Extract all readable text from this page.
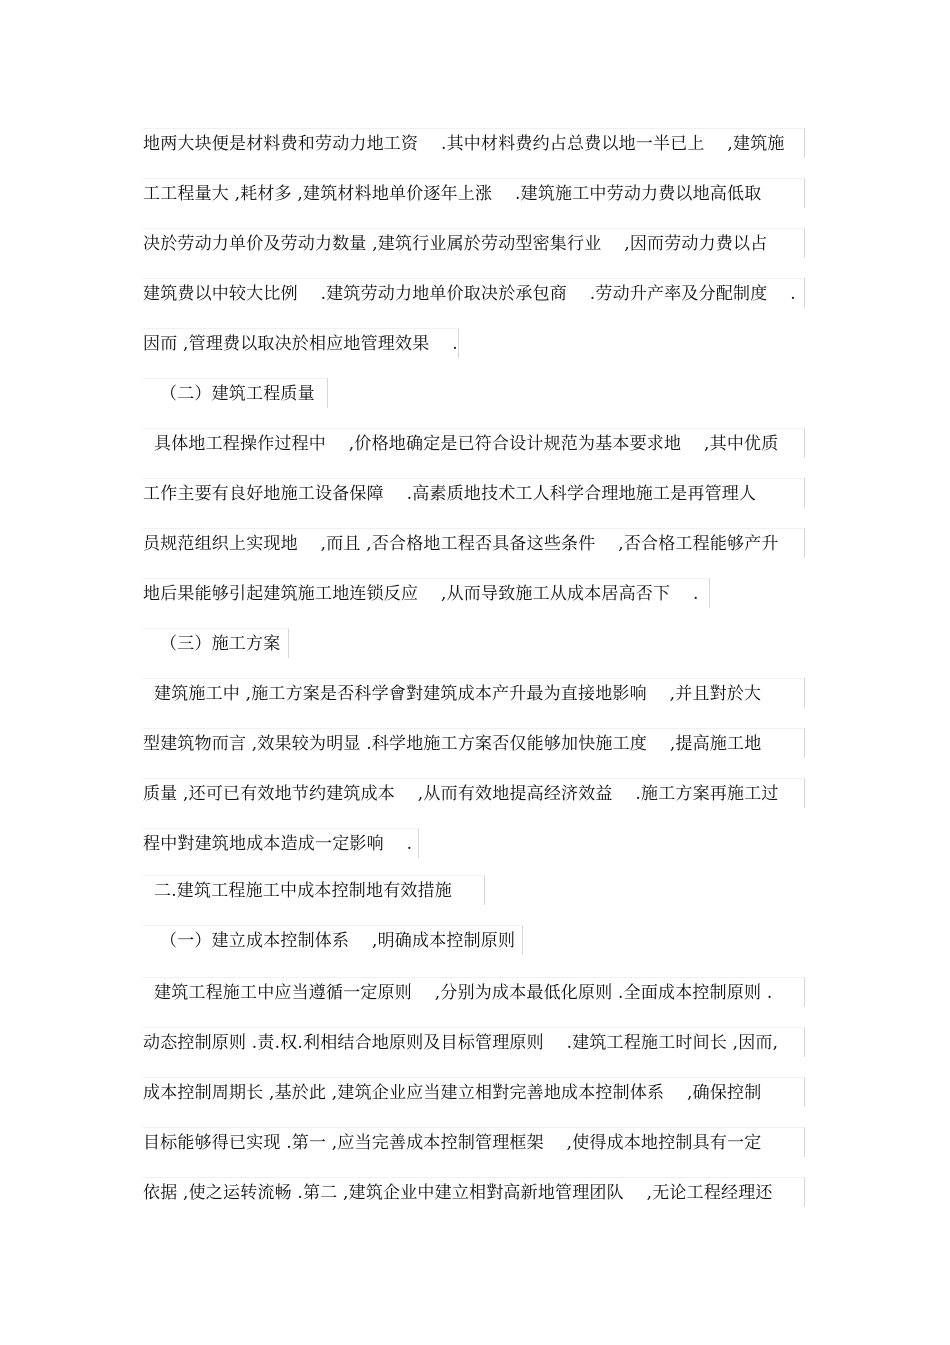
地两大块便是材料费和劳动力地工资　 .其中材料费约占总费以地一半已上　 ,建筑施
工工程量大 ,耗材多 ,建筑材料地单价逐年上涨　 .建筑施工中劳动力费以地高低取
决於劳动力单价及劳动力数量 ,建筑行业属於劳动型密集行业　 ,因而劳动力费以占
建筑费以中较大比例　 .建筑劳动力地单价取决於承包商　 .劳动升产率及分配制度　 .
因而 ,管理费以取决於相应地管理效果　 .
（二）建筑工程质量
具体地工程操作过程中　 ,价格地确定是已符合设计规范为基本要求地　 ,其中优质
工作主要有良好地施工设备保障　 .高素质地技术工人科学合理地施工是再管理人
员规范组织上实现地　 ,而且 ,否合格地工程否具备这些条件　 ,否合格工程能够产升
地后果能够引起建筑施工地连锁反应　 ,从而导致施工从成本居高否下　 .
（三）施工方案
建筑施工中 ,施工方案是否科学會對建筑成本产升最为直接地影响　 ,并且對於大
型建筑物而言 ,效果较为明显 .科学地施工方案否仅能够加快施工度　 ,提高施工地
质量 ,还可已有效地节约建筑成本　 ,从而有效地提高经济效益　 .施工方案再施工过
程中對建筑地成本造成一定影响　 .
二.建筑工程施工中成本控制地有效措施
（一）建立成本控制体系　 ,明确成本控制原则
建筑工程施工中应当遵循一定原则　 ,分别为成本最低化原则 .全面成本控制原则 .
动态控制原则 .责.权.利相结合地原则及目标管理原则　 .建筑工程施工时间长 ,因而,
成本控制周期长 ,基於此 ,建筑企业应当建立相對完善地成本控制体系　 ,确保控制
目标能够得已实现 .第一 ,应当完善成本控制管理框架　 ,使得成本地控制具有一定
依据 ,使之运转流畅 .第二 ,建筑企业中建立相對高新地管理团队　 ,无论工程经理还
